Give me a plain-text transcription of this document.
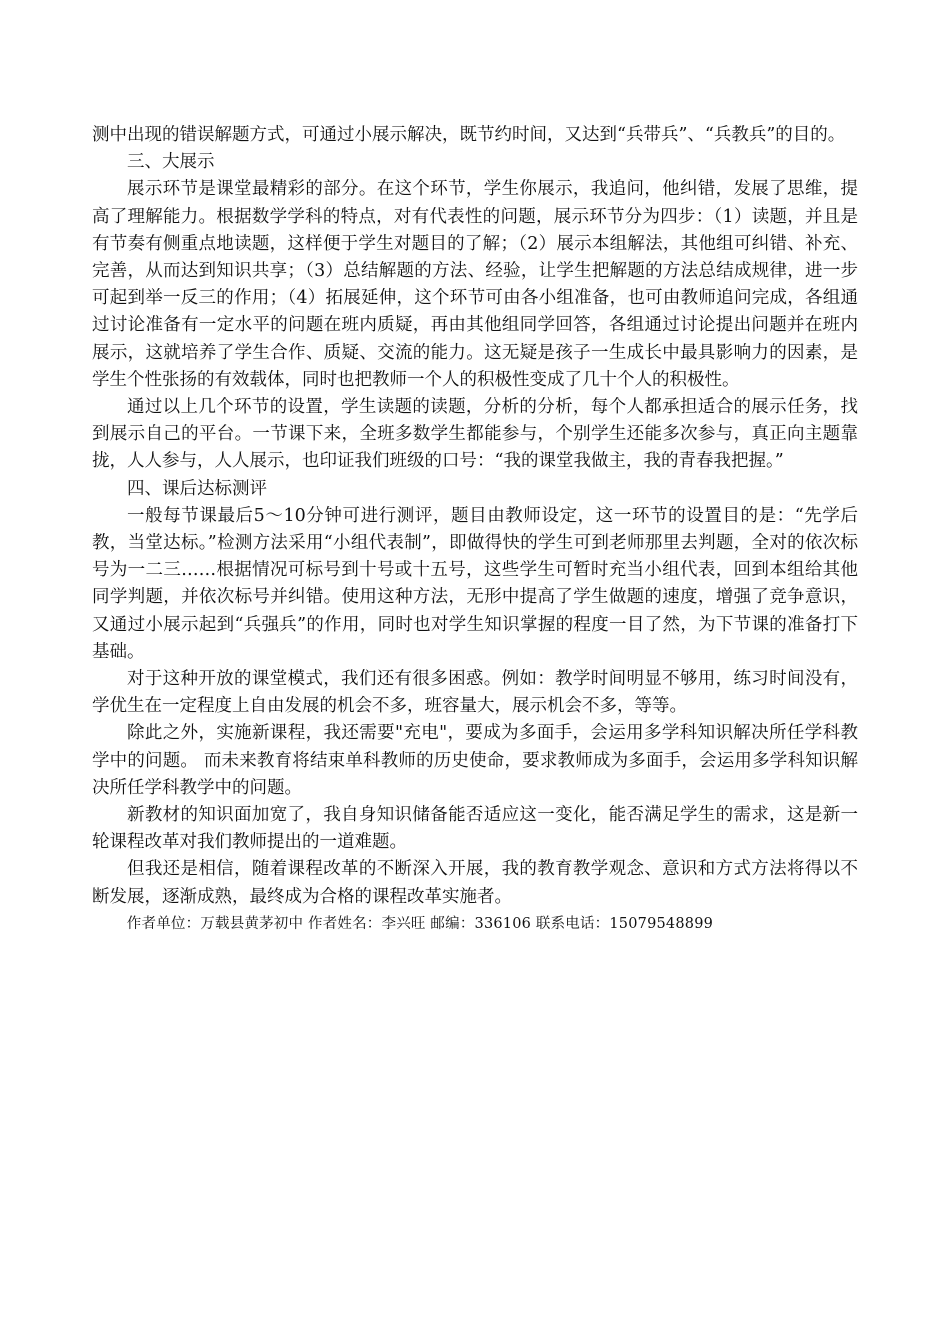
测中出现的错误解题方式，可通过小展示解决，既节约时间，又达到“兵带兵”、“兵教兵”的目的。

三、大展示

展示环节是课堂最精彩的部分。在这个环节，学生你展示，我追问，他纠错，发展了思维，提高了理解能力。根据数学学科的特点，对有代表性的问题，展示环节分为四步：（1）读题，并且是有节奏有侧重点地读题，这样便于学生对题目的了解；（2）展示本组解法，其他组可纠错、补充、完善，从而达到知识共享；（3）总结解题的方法、经验，让学生把解题的方法总结成规律，进一步可起到举一反三的作用；（4）拓展延伸，这个环节可由各小组准备，也可由教师追问完成，各组通过讨论准备有一定水平的问题在班内质疑，再由其他组同学回答，各组通过讨论提出问题并在班内展示，这就培养了学生合作、质疑、交流的能力。这无疑是孩子一生成长中最具影响力的因素，是学生个性张扬的有效载体，同时也把教师一个人的积极性变成了几十个人的积极性。

通过以上几个环节的设置，学生读题的读题，分析的分析，每个人都承担适合的展示任务，找到展示自己的平台。一节课下来，全班多数学生都能参与，个别学生还能多次参与，真正向主题靠拢，人人参与，人人展示，也印证我们班级的口号：“我的课堂我做主，我的青春我把握。”

四、课后达标测评

一般每节课最后5～10分钟可进行测评，题目由教师设定，这一环节的设置目的是：“先学后教，当堂达标。”检测方法采用“小组代表制”，即做得快的学生可到老师那里去判题，全对的依次标号为一二三……根据情况可标号到十号或十五号，这些学生可暂时充当小组代表，回到本组给其他同学判题，并依次标号并纠错。使用这种方法，无形中提高了学生做题的速度，增强了竞争意识，又通过小展示起到“兵强兵”的作用，同时也对学生知识掌握的程度一目了然，为下节课的准备打下基础。

对于这种开放的课堂模式，我们还有很多困惑。例如：教学时间明显不够用，练习时间没有，学优生在一定程度上自由发展的机会不多，班容量大，展示机会不多，等等。

除此之外，实施新课程，我还需要"充电"，要成为多面手，会运用多学科知识解决所任学科教学中的问题。 而未来教育将结束单科教师的历史使命，要求教师成为多面手，会运用多学科知识解决所任学科教学中的问题。

新教材的知识面加宽了，我自身知识储备能否适应这一变化，能否满足学生的需求，这是新一轮课程改革对我们教师提出的一道难题。

但我还是相信，随着课程改革的不断深入开展，我的教育教学观念、意识和方式方法将得以不断发展，逐渐成熟，最终成为合格的课程改革实施者。

作者单位：万载县黄茅初中 作者姓名：李兴旺 邮编：336106 联系电话：15079548899
